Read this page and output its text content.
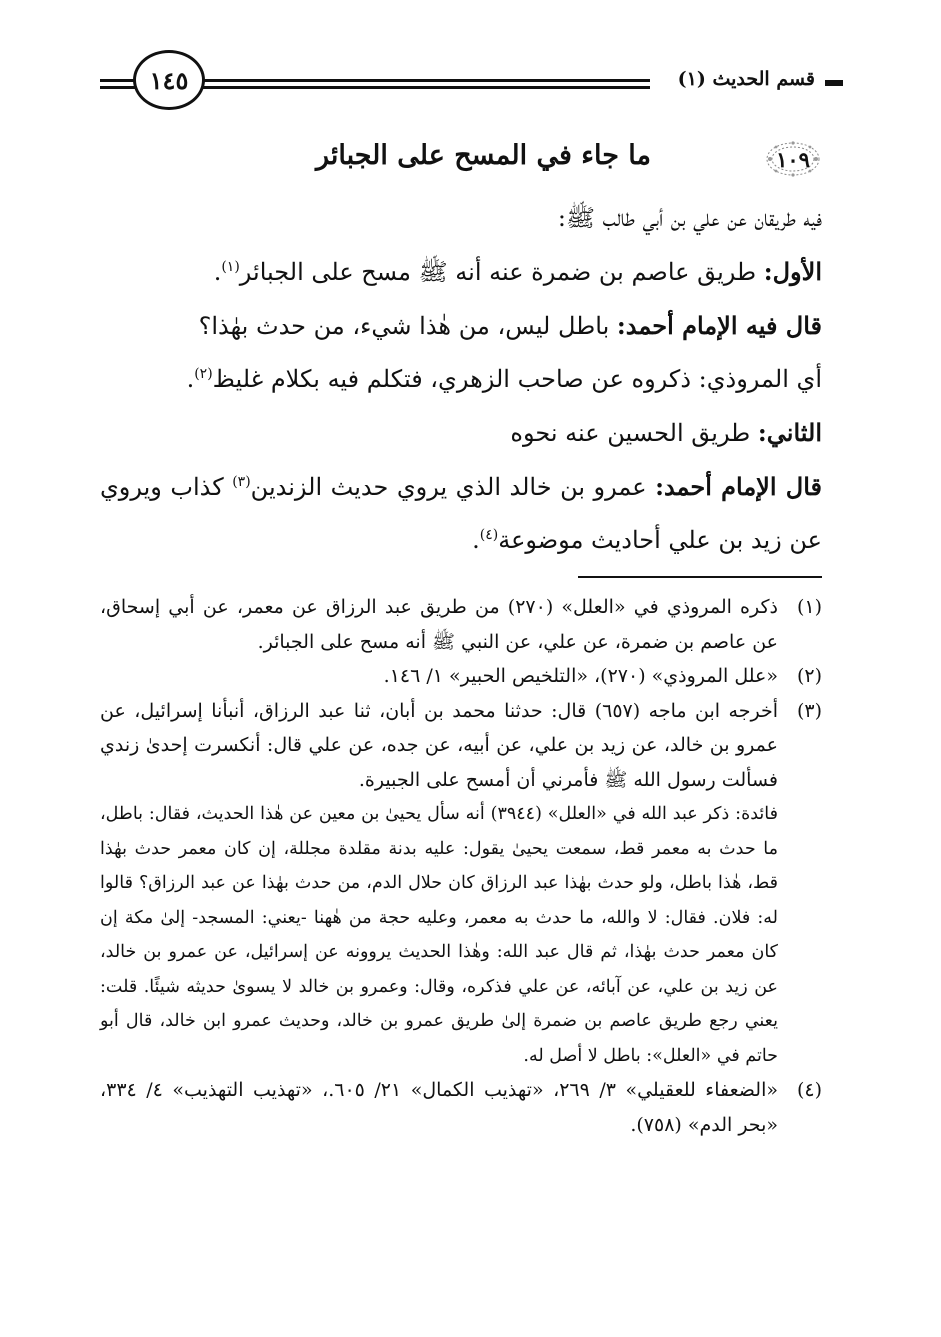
قسم الحديث (١)
١٤٥
١٠٩
ما جاء في المسح على الجبائر

فيه طريقان عن علي بن أبي طالب ﷺ:

الأول: طريق عاصم بن ضمرة عنه أنه ﷺ مسح على الجبائر$^{(١)}$.

قال فيه الإمام أحمد: باطل ليس، من هٰذا شيء، من حدث بهٰذا؟

أي المروذي: ذكروه عن صاحب الزهري، فتكلم فيه بكلام غليظ$^{(٢)}$.

الثاني: طريق الحسين عنه نحوه

قال الإمام أحمد: عمرو بن خالد الذي يروي حديث الزندين$^{(٣)}$ كذاب ويروي عن زيد بن علي أحاديث موضوعة$^{(٤)}$.

(١)
ذكره المروذي في «العلل» (٢٧٠) من طريق عبد الرزاق عن معمر، عن أبي إسحاق، عن عاصم بن ضمرة، عن علي، عن النبي ﷺ أنه مسح على الجبائر.
(٢)
«علل المروذي» (٢٧٠)، «التلخيص الحبير» ١/ ١٤٦.
(٣)
أخرجه ابن ماجه (٦٥٧) قال: حدثنا محمد بن أبان، ثنا عبد الرزاق، أنبأنا إسرائيل، عن عمرو بن خالد، عن زيد بن علي، عن أبيه، عن جده، عن علي قال: أنكسرت إحدىٰ زندي فسألت رسول الله ﷺ فأمرني أن أمسح على الجبيرة.
فائدة: ذكر عبد الله في «العلل» (٣٩٤٤) أنه سأل يحيىٰ بن معين عن هٰذا الحديث، فقال: باطل، ما حدث به معمر قط، سمعت يحيىٰ يقول: عليه بدنة مقلدة مجللة، إن كان معمر حدث بهٰذا قط، هٰذا باطل، ولو حدث بهٰذا عبد الرزاق كان حلال الدم، من حدث بهٰذا عن عبد الرزاق؟ قالوا له: فلان. فقال: لا والله، ما حدث به معمر، وعليه حجة من هٰهنا -يعني: المسجد- إلىٰ مكة إن كان معمر حدث بهٰذا، ثم قال عبد الله: وهٰذا الحديث يروونه عن إسرائيل، عن عمرو بن خالد، عن زيد بن علي، عن آبائه، عن علي فذكره، وقال: وعمرو بن خالد لا يسوىٰ حديثه شيئًا. قلت: يعني رجع طريق عاصم بن ضمرة إلىٰ طريق عمرو بن خالد، وحديث عمرو ابن خالد، قال أبو حاتم في «العلل»: باطل لا أصل له.
(٤)
«الضعفاء للعقيلي» ٣/ ٢٦٩، «تهذيب الكمال» ٢١/ ٦٠٥.، «تهذيب التهذيب» ٤/ ٣٣٤، «بحر الدم» (٧٥٨).
